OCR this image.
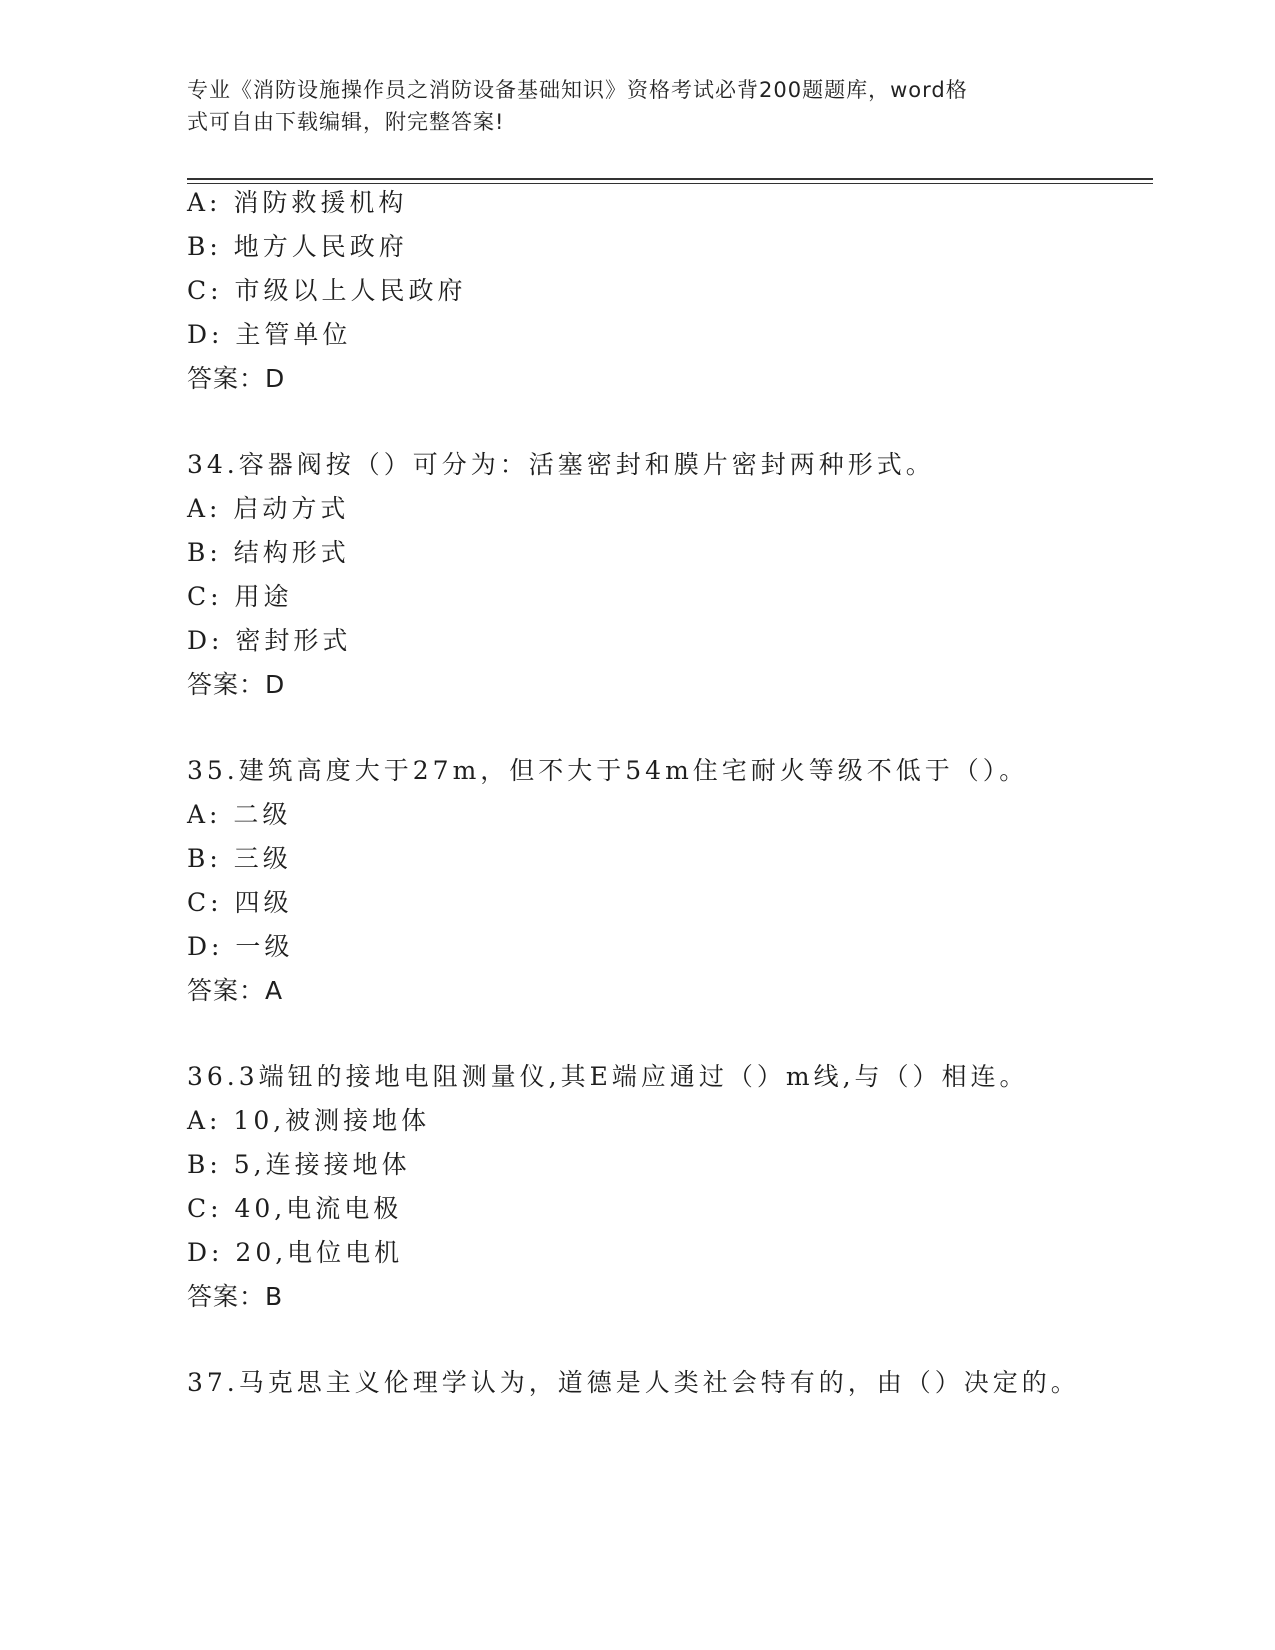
专业《消防设施操作员之消防设备基础知识》资格考试必背200题题库，word格
式可自由下载编辑，附完整答案!
A: 消防救援机构
B: 地方人民政府
C: 市级以上人民政府
D: 主管单位
答案：D
34.容器阀按（）可分为：活塞密封和膜片密封两种形式。
A: 启动方式
B: 结构形式
C: 用途
D: 密封形式
答案：D
35.建筑高度大于27m，但不大于54m住宅耐火等级不低于（）。
A: 二级
B: 三级
C: 四级
D: 一级
答案：A
36.3端钮的接地电阻测量仪,其E端应通过（）m线,与（）相连。
A: 10,被测接地体
B: 5,连接接地体
C: 40,电流电极
D: 20,电位电机
答案：B
37.马克思主义伦理学认为，道德是人类社会特有的，由（）决定的。
